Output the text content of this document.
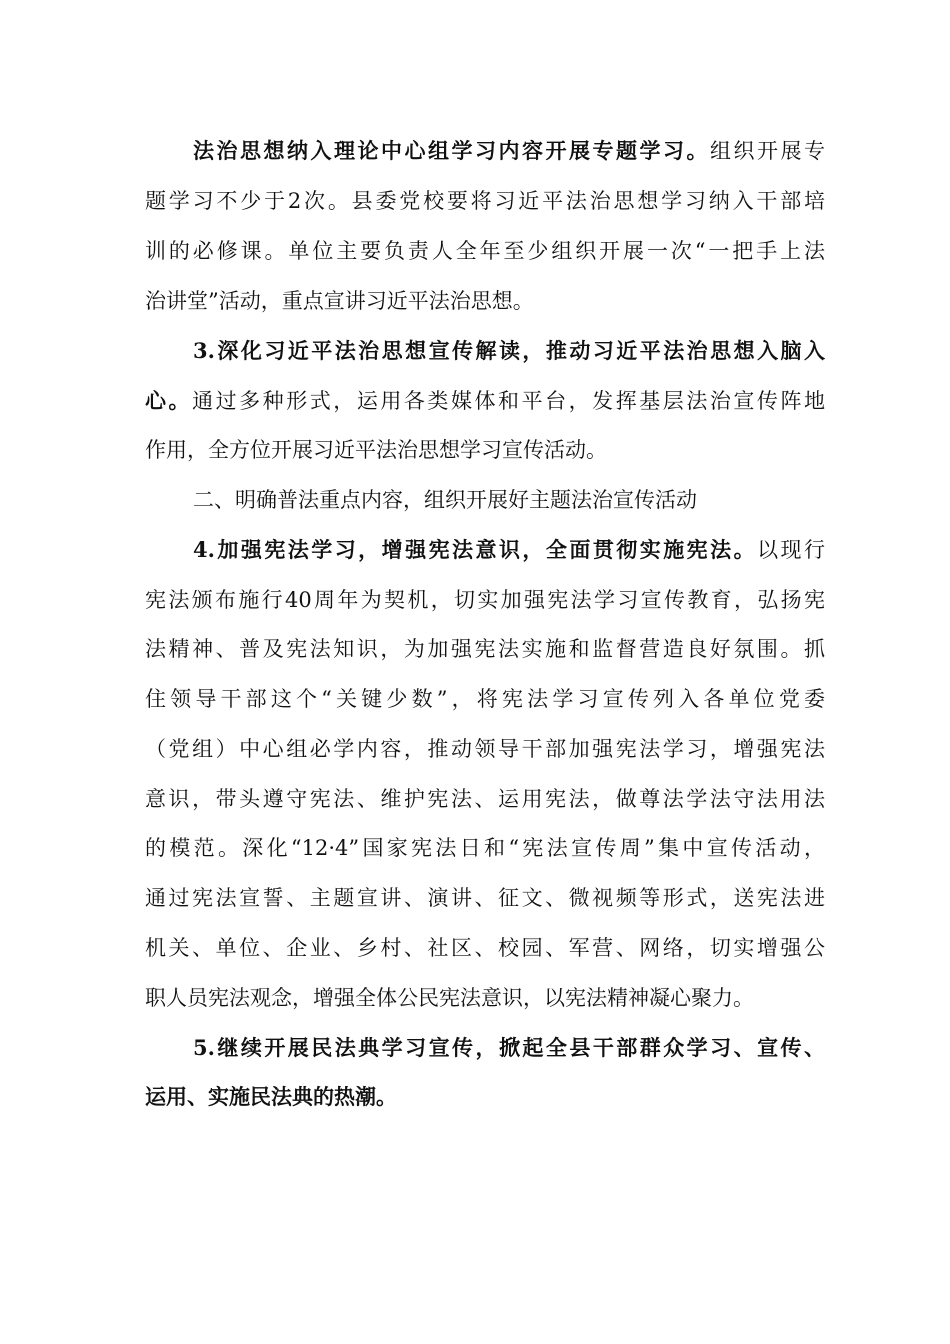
法治思想纳入理论中心组学习内容开展专题学习。组织开展专
题学习不少于2次。县委党校要将习近平法治思想学习纳入干部培
训的必修课。单位主要负责人全年至少组织开展一次“一把手上法
治讲堂”活动，重点宣讲习近平法治思想。
3.深化习近平法治思想宣传解读，推动习近平法治思想入脑入
心。通过多种形式，运用各类媒体和平台，发挥基层法治宣传阵地
作用，全方位开展习近平法治思想学习宣传活动。
二、明确普法重点内容，组织开展好主题法治宣传活动
4.加强宪法学习，增强宪法意识，全面贯彻实施宪法。以现行
宪法颁布施行40周年为契机，切实加强宪法学习宣传教育，弘扬宪
法精神、普及宪法知识，为加强宪法实施和监督营造良好氛围。抓
住领导干部这个“关键少数”，将宪法学习宣传列入各单位党委
（党组）中心组必学内容，推动领导干部加强宪法学习，增强宪法
意识，带头遵守宪法、维护宪法、运用宪法，做尊法学法守法用法
的模范。深化“12·4”国家宪法日和“宪法宣传周”集中宣传活动，
通过宪法宣誓、主题宣讲、演讲、征文、微视频等形式，送宪法进
机关、单位、企业、乡村、社区、校园、军营、网络，切实增强公
职人员宪法观念，增强全体公民宪法意识，以宪法精神凝心聚力。
5.继续开展民法典学习宣传，掀起全县干部群众学习、宣传、
运用、实施民法典的热潮。
